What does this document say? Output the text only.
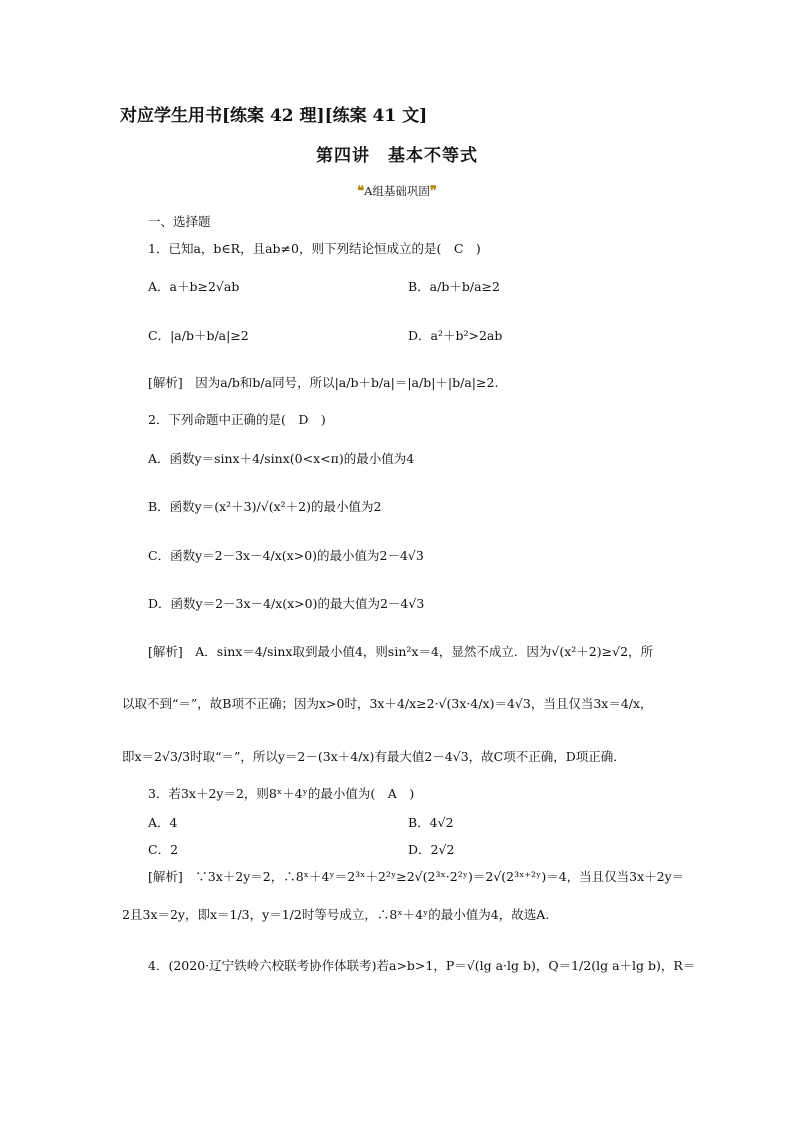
对应学生用书[练案 42 理][练案 41 文]
第四讲　基本不等式
❝A组基础巩固❞
一、选择题
1．已知a，b∈R，且ab≠0，则下列结论恒成立的是(　C　)
A．a＋b≥2√ab	B．a/b＋b/a≥2
C．|a/b＋b/a|≥2	D．a²＋b²>2ab
[解析]　因为a/b和b/a同号，所以|a/b＋b/a|＝|a/b|＋|b/a|≥2.
2．下列命题中正确的是(　D　)
A．函数y＝sinx＋4/sinx(0<x<π)的最小值为4
B．函数y＝(x²＋3)/√(x²＋2)的最小值为2
C．函数y＝2－3x－4/x(x>0)的最小值为2－4√3
D．函数y＝2－3x－4/x(x>0)的最大值为2－4√3
[解析]　A．sinx＝4/sinx取到最小值4，则sin²x＝4，显然不成立．因为√(x²＋2)≥√2，所
以取不到“＝”，故B项不正确；因为x>0时，3x＋4/x≥2·√(3x·4/x)＝4√3，当且仅当3x＝4/x，
即x＝2√3/3时取“＝”，所以y＝2－(3x＋4/x)有最大值2－4√3，故C项不正确，D项正确．
3．若3x＋2y＝2，则8ˣ＋4ʸ的最小值为(　A　)
A．4	B．4√2
C．2	D．2√2
[解析]　∵3x＋2y＝2，∴8ˣ＋4ʸ＝2³ˣ＋2²ʸ≥2√(2³ˣ·2²ʸ)＝2√(2³ˣ⁺²ʸ)＝4，当且仅当3x＋2y＝
2且3x＝2y，即x＝1/3，y＝1/2时等号成立，∴8ˣ＋4ʸ的最小值为4，故选A.
4．(2020·辽宁铁岭六校联考协作体联考)若a>b>1，P＝√(lg a·lg b)，Q＝1/2(lg a＋lg b)，R＝
